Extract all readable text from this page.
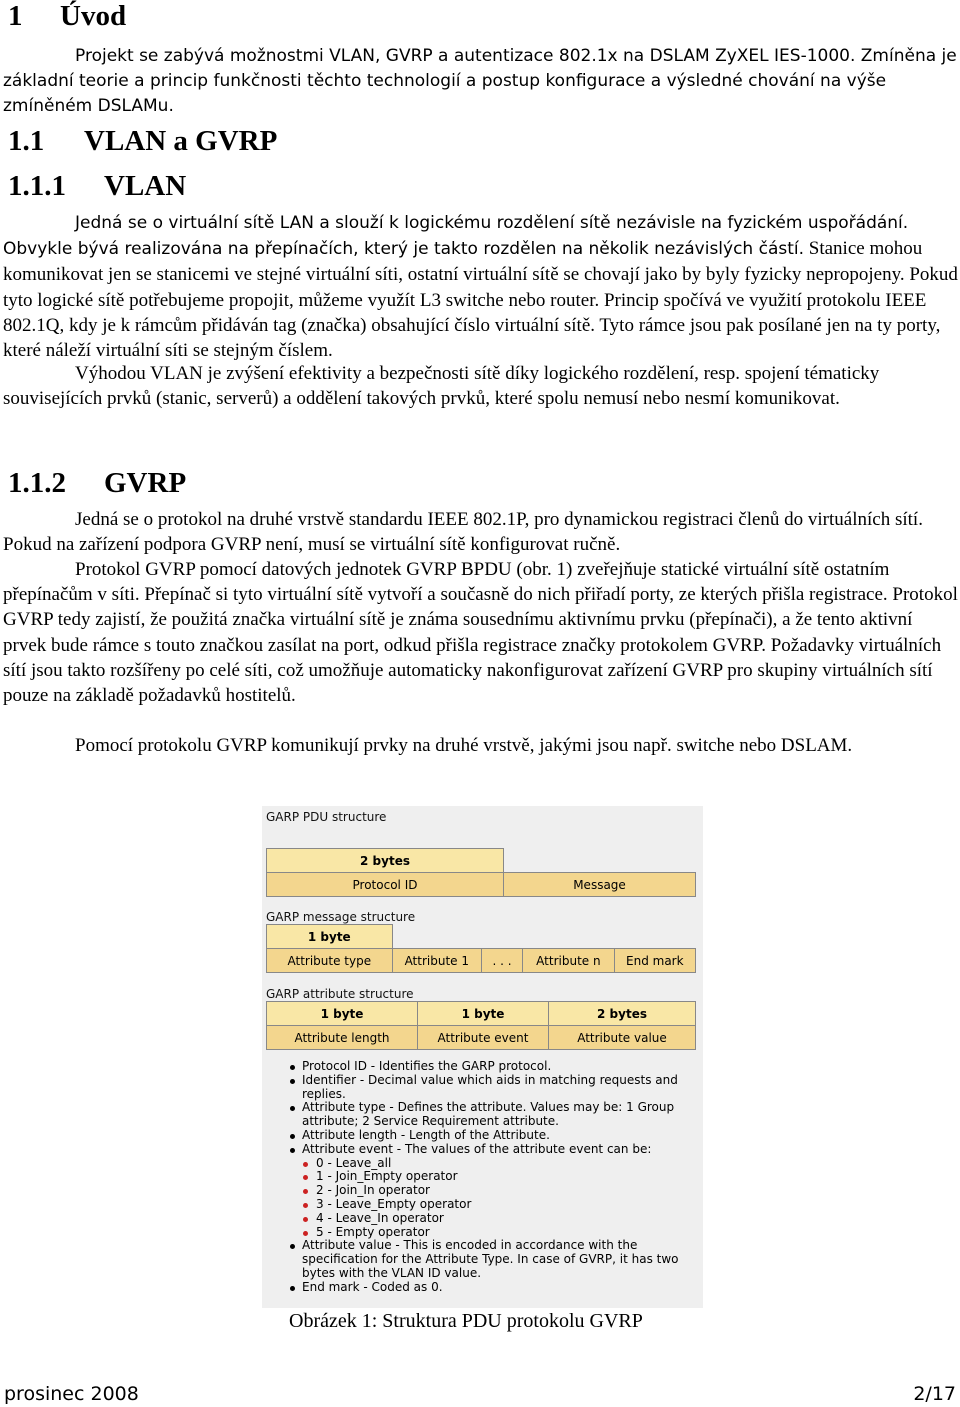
1 Úvod

Projekt se zabývá možnostmi VLAN, GVRP a autentizace 802.1x na DSLAM ZyXEL IES-1000. Zmíněna je základní teorie a princip funkčnosti těchto technologií a postup konfigurace a výsledné chování na výše zmíněném DSLAMu.

1.1 VLAN a GVRP
1.1.1 VLAN

Jedná se o virtuální sítě LAN a slouží k logickému rozdělení sítě nezávisle na fyzickém uspořádání. Obvykle bývá realizována na přepínačích, který je takto rozdělen na několik nezávislých částí. Stanice mohou komunikovat jen se stanicemi ve stejné virtuální síti, ostatní virtuální sítě se chovají jako by byly fyzicky nepropojeny. Pokud tyto logické sítě potřebujeme propojit, můžeme využít L3 switche nebo router. Princip spočívá ve využití protokolu IEEE 802.1Q, kdy je k rámcům přidáván tag (značka) obsahující číslo virtuální sítě. Tyto rámce jsou pak posílané jen na ty porty, které náleží virtuální síti se stejným číslem.

Výhodou VLAN je zvýšení efektivity a bezpečnosti sítě díky logického rozdělení, resp. spojení tématicky souvisejících prvků (stanic, serverů) a oddělení takových prvků, které spolu nemusí nebo nesmí komunikovat.

1.1.2 GVRP

Jedná se o protokol na druhé vrstvě standardu IEEE 802.1P, pro dynamickou registraci členů do virtuálních sítí. Pokud na zařízení podpora GVRP není, musí se virtuální sítě konfigurovat ručně.

Protokol GVRP pomocí datových jednotek GVRP BPDU (obr. 1) zveřejňuje statické virtuální sítě ostatním přepínačům v síti. Přepínač si tyto virtuální sítě vytvoří a současně do nich přiřadí porty, ze kterých přišla registrace. Protokol GVRP tedy zajistí, že použitá značka virtuální sítě je známa sousednímu aktivnímu prvku (přepínači), a že tento aktivní prvek bude rámce s touto značkou zasílat na port, odkud přišla registrace značky protokolem GVRP. Požadavky virtuálních sítí jsou takto rozšířeny po celé síti, což umožňuje automaticky nakonfigurovat zařízení GVRP pro skupiny virtuálních sítí pouze na základě požadavků hostitelů.

Pomocí protokolu GVRP komunikují prvky na druhé vrstvě, jakými jsou např. switche nebo DSLAM.

GARP PDU structure
2 bytes	
Protocol ID	Message
GARP message structure
1 byte				
Attribute type	Attribute 1	. . .	Attribute n	End mark
GARP attribute structure
1 byte	1 byte	2 bytes
Attribute length	Attribute event	Attribute value
Protocol ID - Identifies the GARP protocol.
Identifier - Decimal value which aids in matching requests and replies.
Attribute type - Defines the attribute. Values may be: 1 Group attribute; 2 Service Requirement attribute.
Attribute length - Length of the Attribute.
Attribute event - The values of the attribute event can be:
0 - Leave_all
1 - Join_Empty operator
2 - Join_In operator
3 - Leave_Empty operator
4 - Leave_In operator
5 - Empty operator
Attribute value - This is encoded in accordance with the specification for the Attribute Type. In case of GVRP, it has two bytes with the VLAN ID value.
End mark - Coded as 0.
Obrázek 1: Struktura PDU protokolu GVRP
prosinec 2008	2/17
